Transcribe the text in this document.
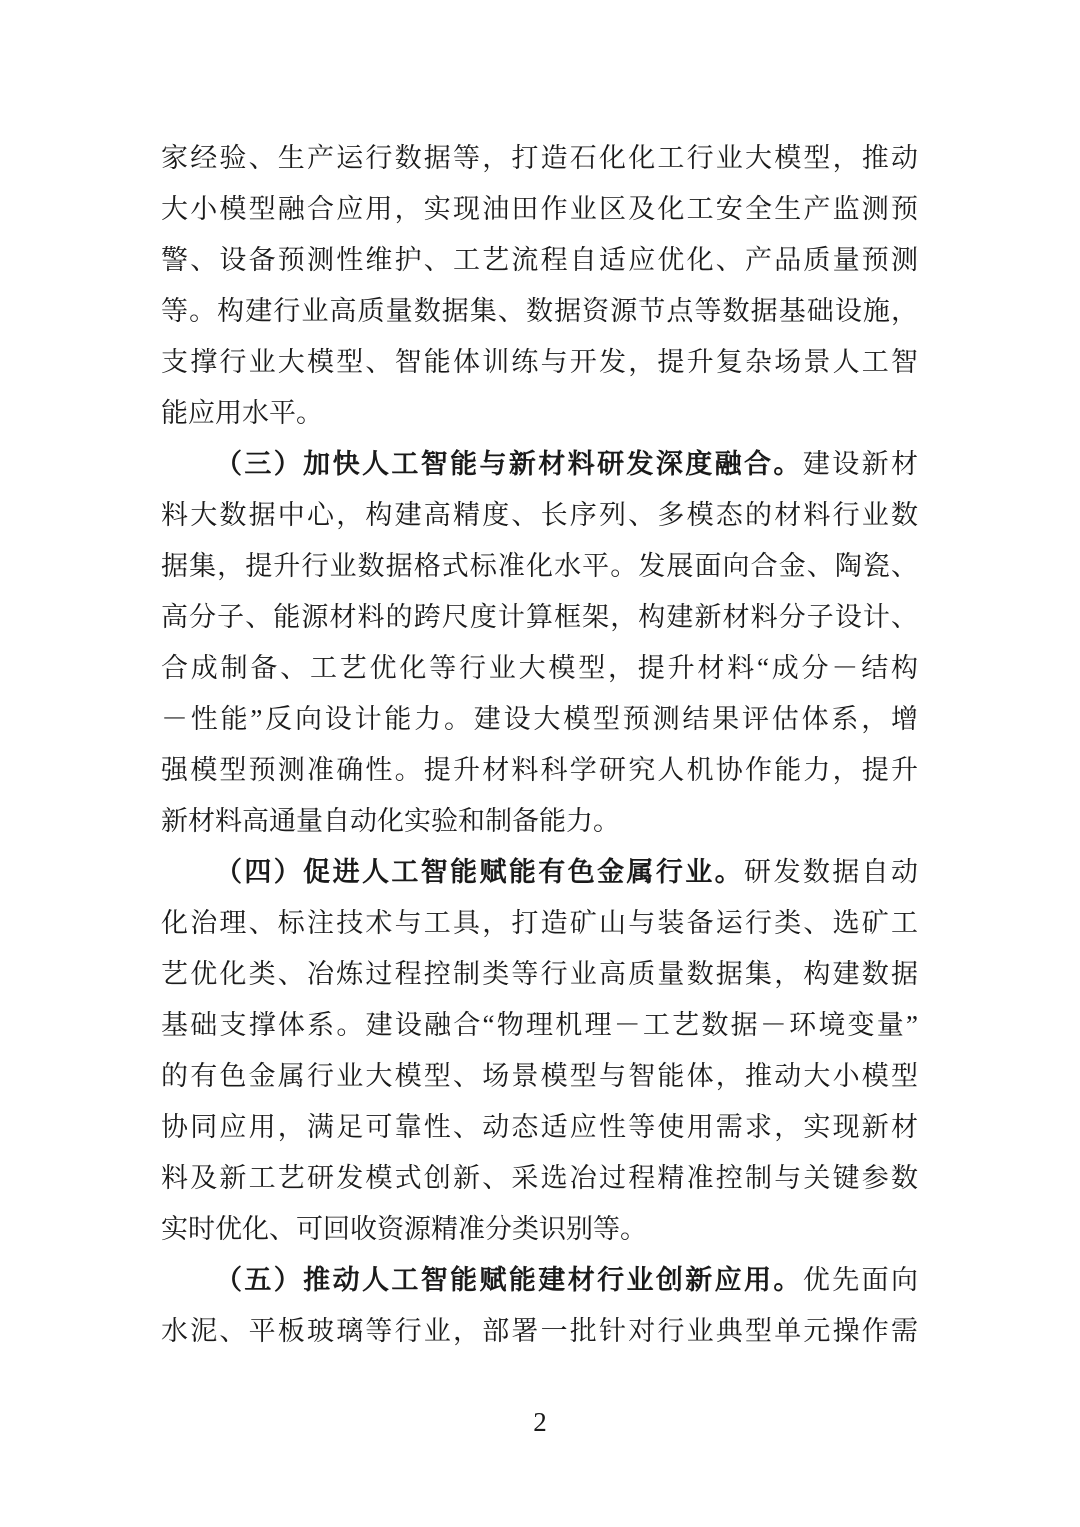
家经验、生产运行数据等，打造石化化工行业大模型，推动
大小模型融合应用，实现油田作业区及化工安全生产监测预
警、设备预测性维护、工艺流程自适应优化、产品质量预测
等。构建行业高质量数据集、数据资源节点等数据基础设施，
支撑行业大模型、智能体训练与开发，提升复杂场景人工智
能应用水平。
（三）加快人工智能与新材料研发深度融合。建设新材
料大数据中心，构建高精度、长序列、多模态的材料行业数
据集，提升行业数据格式标准化水平。发展面向合金、陶瓷、
高分子、能源材料的跨尺度计算框架，构建新材料分子设计、
合成制备、工艺优化等行业大模型，提升材料“成分－结构
－性能”反向设计能力。建设大模型预测结果评估体系，增
强模型预测准确性。提升材料科学研究人机协作能力，提升
新材料高通量自动化实验和制备能力。
（四）促进人工智能赋能有色金属行业。研发数据自动
化治理、标注技术与工具，打造矿山与装备运行类、选矿工
艺优化类、冶炼过程控制类等行业高质量数据集，构建数据
基础支撑体系。建设融合“物理机理－工艺数据－环境变量”
的有色金属行业大模型、场景模型与智能体，推动大小模型
协同应用，满足可靠性、动态适应性等使用需求，实现新材
料及新工艺研发模式创新、采选冶过程精准控制与关键参数
实时优化、可回收资源精准分类识别等。
（五）推动人工智能赋能建材行业创新应用。优先面向
水泥、平板玻璃等行业，部署一批针对行业典型单元操作需
2
